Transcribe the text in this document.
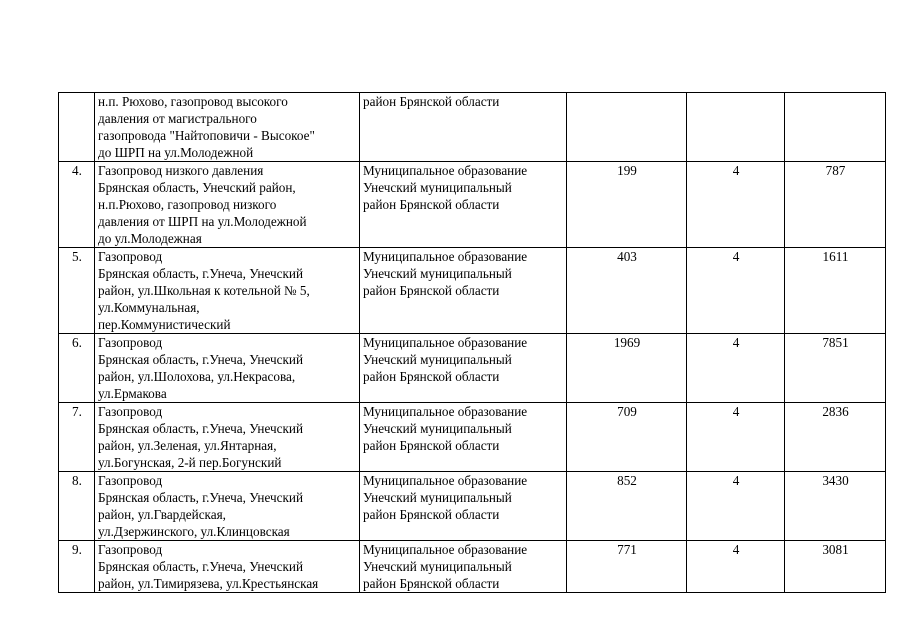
	н.п. Рюхово, газопровод высокого
давления от магистрального
газопровода "Найтоповичи - Высокое"
до ШРП на ул.Молодежной	район Брянской области			

4.	Газопровод низкого давления
Брянская область, Унечский район,
н.п.Рюхово, газопровод низкого
давления от ШРП на ул.Молодежной
до ул.Молодежная	Муниципальное образование
Унечский муниципальный
район Брянской области	199	4	787
5.	Газопровод
Брянская область, г.Унеча, Унечский
район, ул.Школьная к котельной № 5,
ул.Коммунальная,
пер.Коммунистический	Муниципальное образование
Унечский муниципальный
район Брянской области	403	4	1611
6.	Газопровод
Брянская область, г.Унеча, Унечский
район, ул.Шолохова, ул.Некрасова,
ул.Ермакова	Муниципальное образование
Унечский муниципальный
район Брянской области	1969	4	7851
7.	Газопровод
Брянская область, г.Унеча, Унечский
район, ул.Зеленая, ул.Янтарная,
ул.Богунская, 2-й пер.Богунский	Муниципальное образование
Унечский муниципальный
район Брянской области	709	4	2836
8.	Газопровод
Брянская область, г.Унеча, Унечский
район, ул.Гвардейская,
ул.Дзержинского, ул.Клинцовская	Муниципальное образование
Унечский муниципальный
район Брянской области	852	4	3430
9.	Газопровод
Брянская область, г.Унеча, Унечский
район, ул.Тимирязева, ул.Крестьянская	Муниципальное образование
Унечский муниципальный
район Брянской области	771	4	3081
